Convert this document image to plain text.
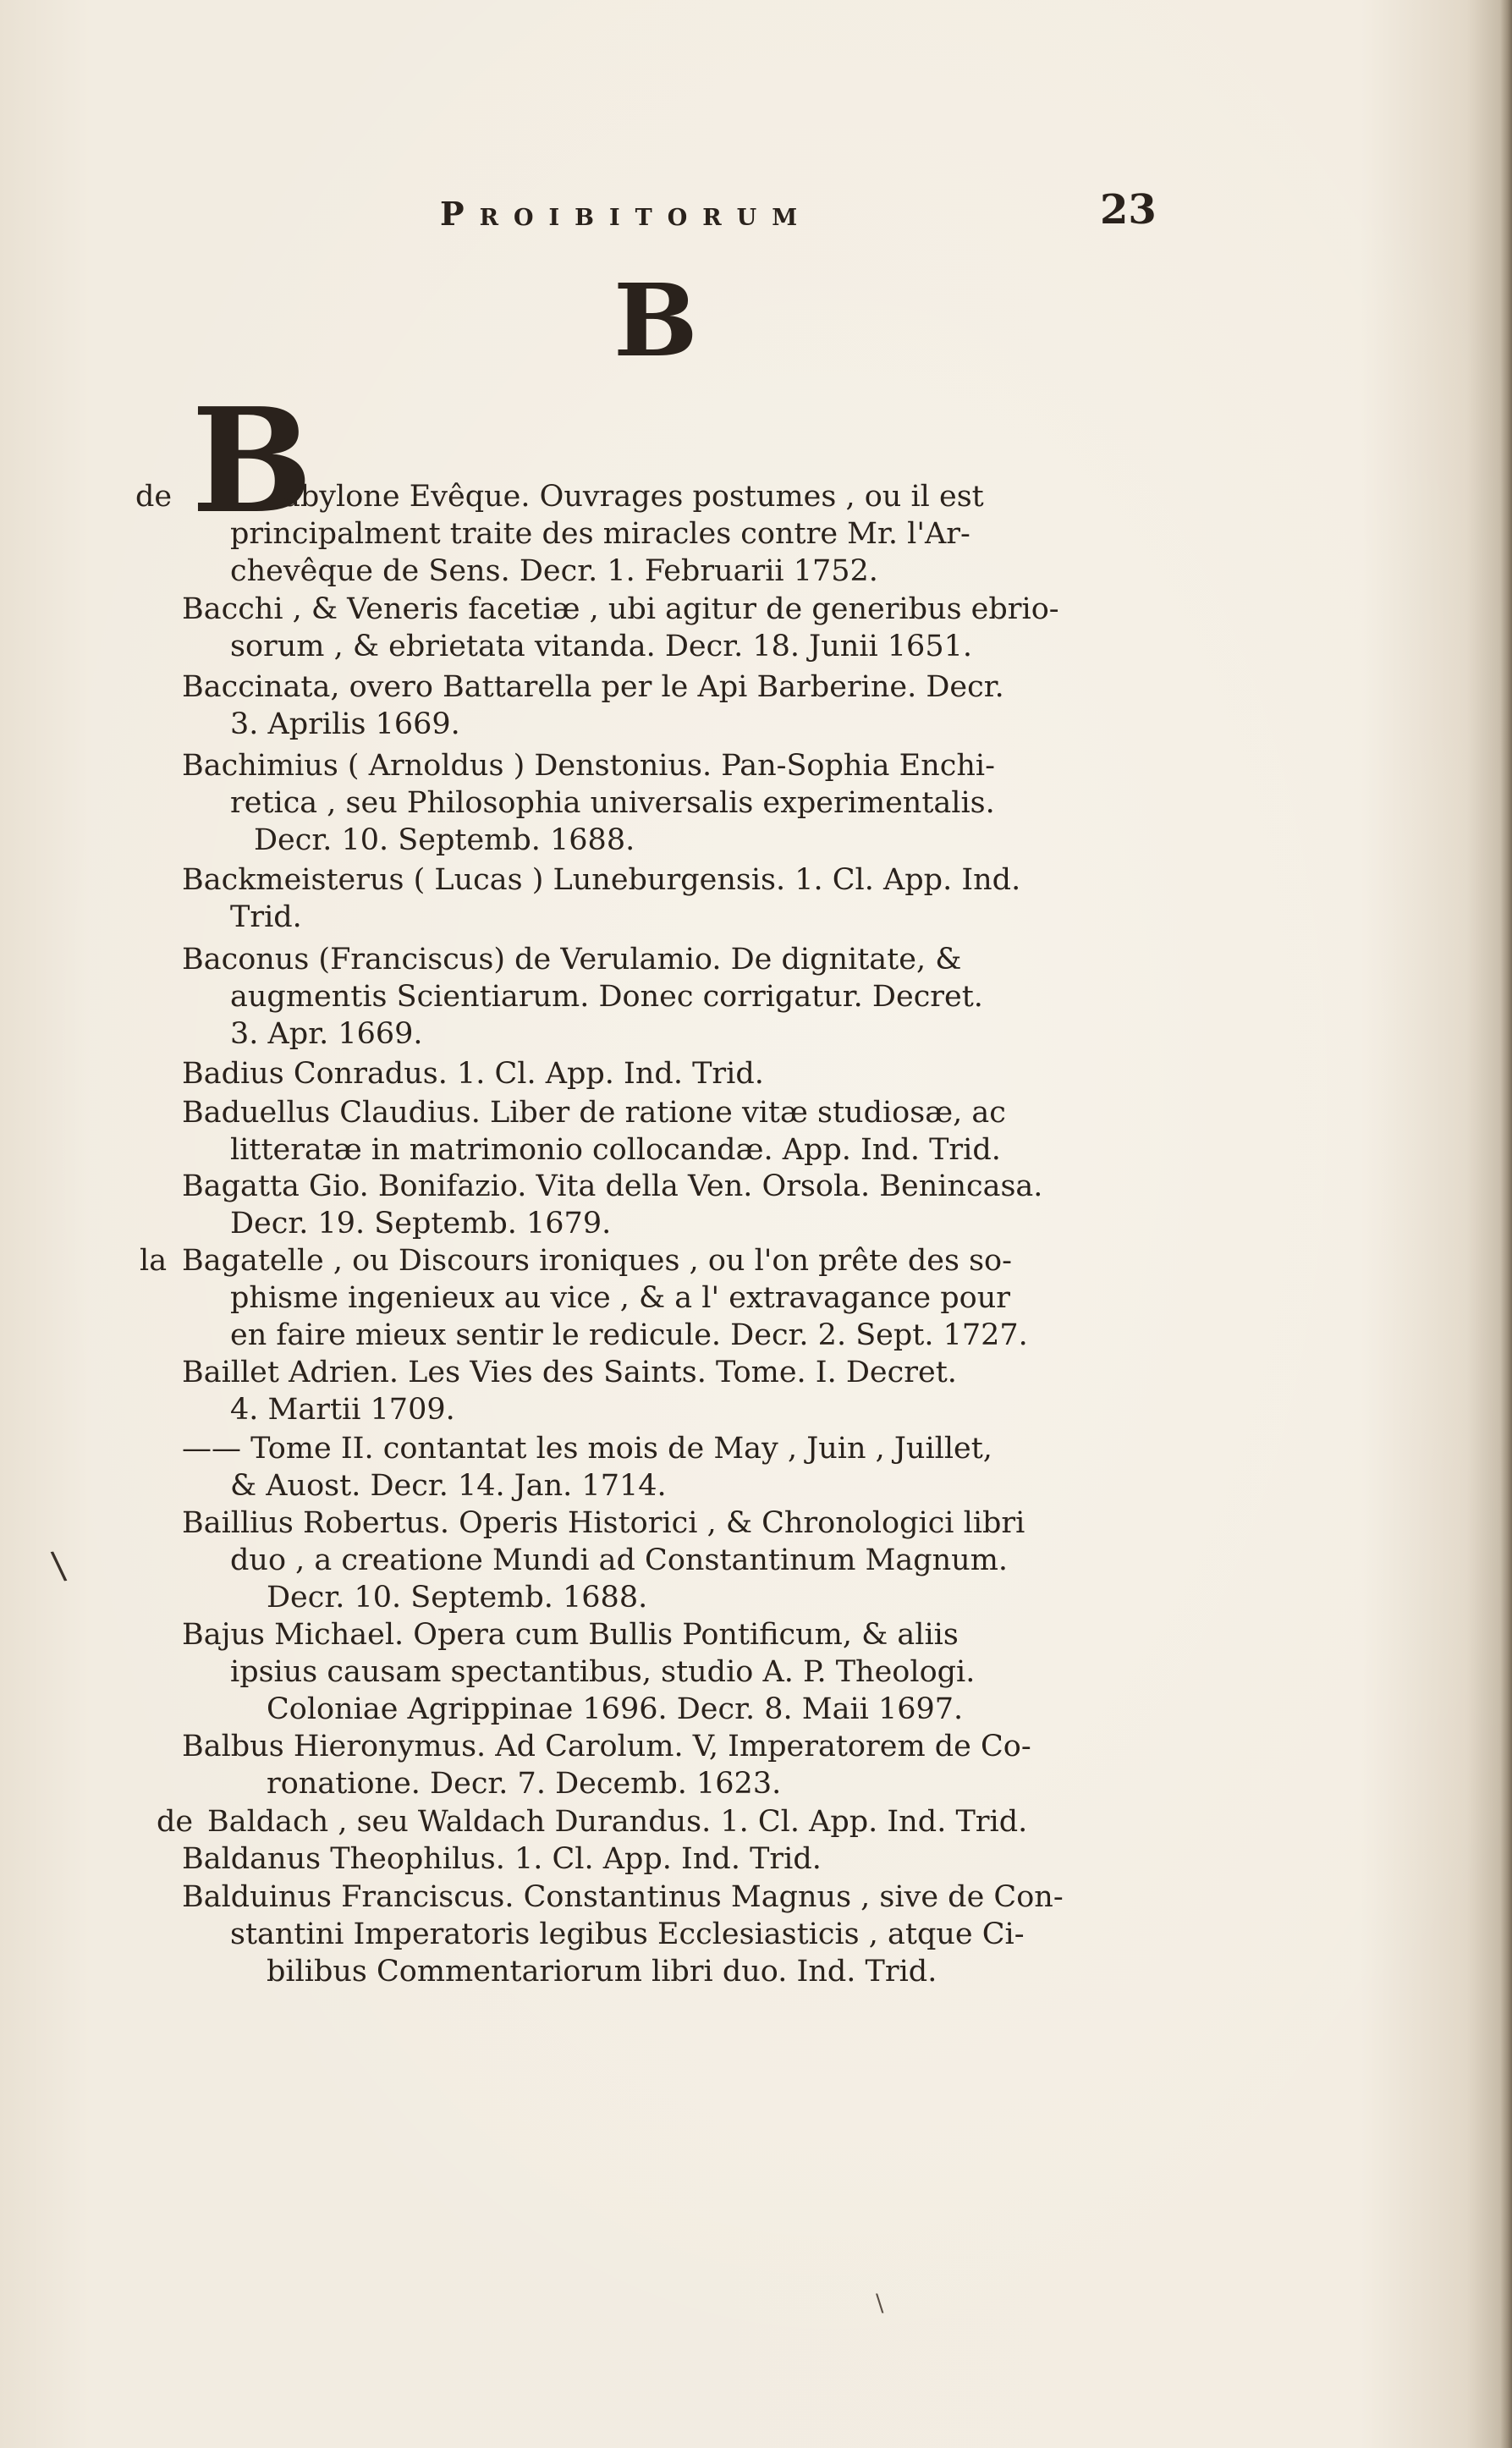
Proibitorum	23
B
\
\
de B
abylone Evêque. Ouvrages postumes , ou il est
principalment traite des miracles contre Mr. l'Ar-
chevêque de Sens. Decr. 1. Februarii 1752.
Bacchi , & Veneris facetiæ , ubi agitur de generibus ebrio-
sorum , & ebrietata vitanda. Decr. 18. Junii 1651.
Baccinata, overo Battarella per le Api Barberine. Decr.
3. Aprilis 1669.
Bachimius ( Arnoldus ) Denstonius. Pan-Sophia Enchi-
retica , seu Philosophia universalis experimentalis.
Decr. 10. Septemb. 1688.
Backmeisterus ( Lucas ) Luneburgensis. 1. Cl. App. Ind.
Trid.
Baconus (Franciscus) de Verulamio. De dignitate, &
augmentis Scientiarum. Donec corrigatur. Decret.
3. Apr. 1669.
Badius Conradus. 1. Cl. App. Ind. Trid.
Baduellus Claudius. Liber de ratione vitæ studiosæ, ac
litteratæ in matrimonio collocandæ. App. Ind. Trid.
Bagatta Gio. Bonifazio. Vita della Ven. Orsola. Benincasa.
Decr. 19. Septemb. 1679.
la Bagatelle , ou Discours ironiques , ou l'on prête des so-
phisme ingenieux au vice , & a l' extravagance pour
en faire mieux sentir le redicule. Decr. 2. Sept. 1727.
Baillet Adrien. Les Vies des Saints. Tome. I. Decret.
4. Martii 1709.
—— Tome II. contantat les mois de May , Juin , Juillet,
& Auost. Decr. 14. Jan. 1714.
Baillius Robertus. Operis Historici , & Chronologici libri
duo , a creatione Mundi ad Constantinum Magnum.
Decr. 10. Septemb. 1688.
Bajus Michael. Opera cum Bullis Pontificum, & aliis
ipsius causam spectantibus, studio A. P. Theologi.
Coloniae Agrippinae 1696. Decr. 8. Maii 1697.
Balbus Hieronymus. Ad Carolum. V, Imperatorem de Co-
ronatione. Decr. 7. Decemb. 1623.
de Baldach , seu Waldach Durandus. 1. Cl. App. Ind. Trid.
Baldanus Theophilus. 1. Cl. App. Ind. Trid.
Balduinus Franciscus. Constantinus Magnus , sive de Con-
stantini Imperatoris legibus Ecclesiasticis , atque Ci-
bilibus Commentariorum libri duo. Ind. Trid.
